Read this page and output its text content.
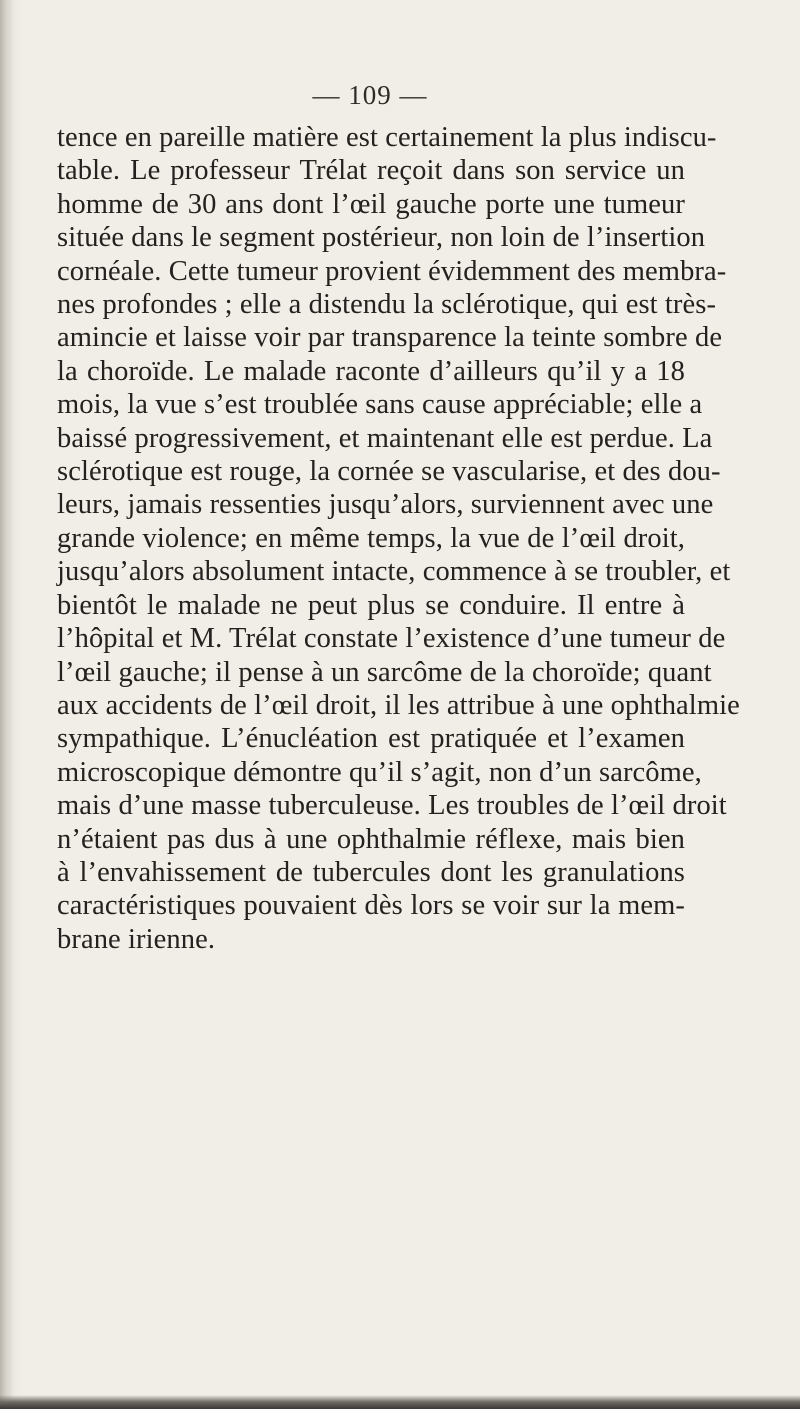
— 109 —
tence en pareille matière est certainement la plus indiscu-
table. Le professeur Trélat reçoit dans son service un
homme de 30 ans dont l’œil gauche porte une tumeur
située dans le segment postérieur, non loin de l’insertion
cornéale. Cette tumeur provient évidemment des membra-
nes profondes ; elle a distendu la sclérotique, qui est très-
amincie et laisse voir par transparence la teinte sombre de
la choroïde. Le malade raconte d’ailleurs qu’il y a 18
mois, la vue s’est troublée sans cause appréciable; elle a
baissé progressivement, et maintenant elle est perdue. La
sclérotique est rouge, la cornée se vascularise, et des dou-
leurs, jamais ressenties jusqu’alors, surviennent avec une
grande violence; en même temps, la vue de l’œil droit,
jusqu’alors absolument intacte, commence à se troubler, et
bientôt le malade ne peut plus se conduire. Il entre à
l’hôpital et M. Trélat constate l’existence d’une tumeur de
l’œil gauche; il pense à un sarcôme de la choroïde; quant
aux accidents de l’œil droit, il les attribue à une ophthalmie
sympathique. L’énucléation est pratiquée et l’examen
microscopique démontre qu’il s’agit, non d’un sarcôme,
mais d’une masse tuberculeuse. Les troubles de l’œil droit
n’étaient pas dus à une ophthalmie réflexe, mais bien
à l’envahissement de tubercules dont les granulations
caractéristiques pouvaient dès lors se voir sur la mem-
brane irienne.
